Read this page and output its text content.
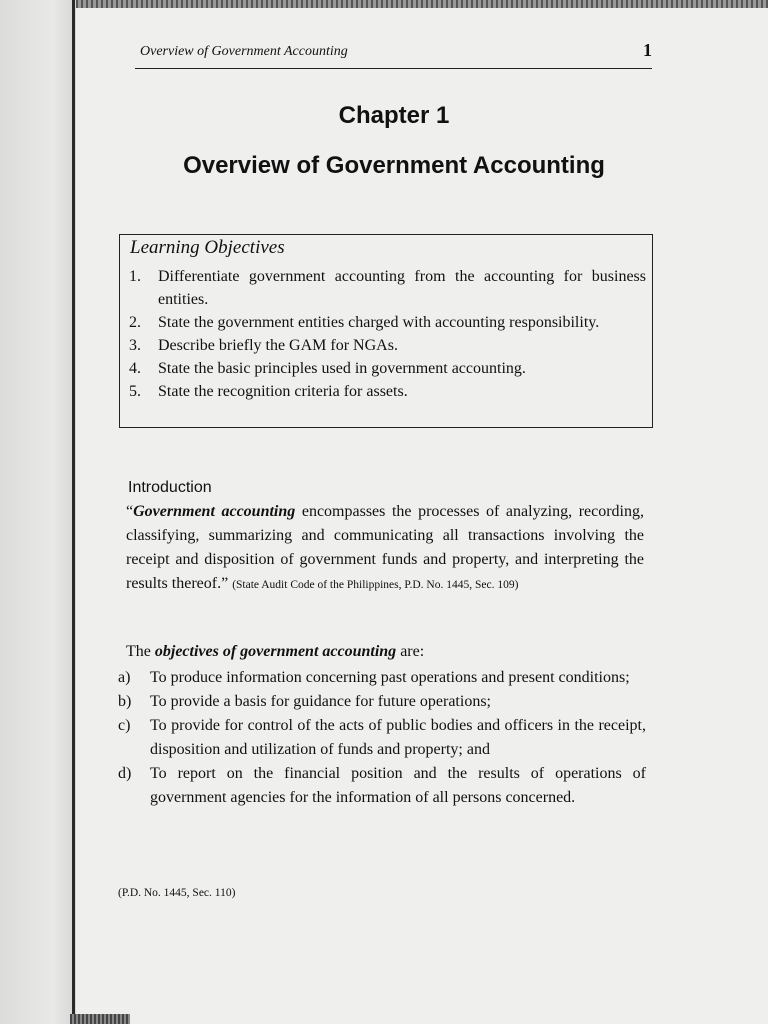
Overview of Government Accounting	1
Chapter 1
Overview of Government Accounting
Learning Objectives
1. Differentiate government accounting from the accounting for business entities.
2. State the government entities charged with accounting responsibility.
3. Describe briefly the GAM for NGAs.
4. State the basic principles used in government accounting.
5. State the recognition criteria for assets.
Introduction

“Government accounting encompasses the processes of analyzing, recording, classifying, summarizing and communicating all transactions involving the receipt and disposition of government funds and property, and interpreting the results thereof.” (State Audit Code of the Philippines, P.D. No. 1445, Sec. 109)

The objectives of government accounting are:
a) To produce information concerning past operations and present conditions;
b) To provide a basis for guidance for future operations;
c) To provide for control of the acts of public bodies and officers in the receipt, disposition and utilization of funds and property; and
d) To report on the financial position and the results of operations of government agencies for the information of all persons concerned.
(P.D. No. 1445, Sec. 110)
